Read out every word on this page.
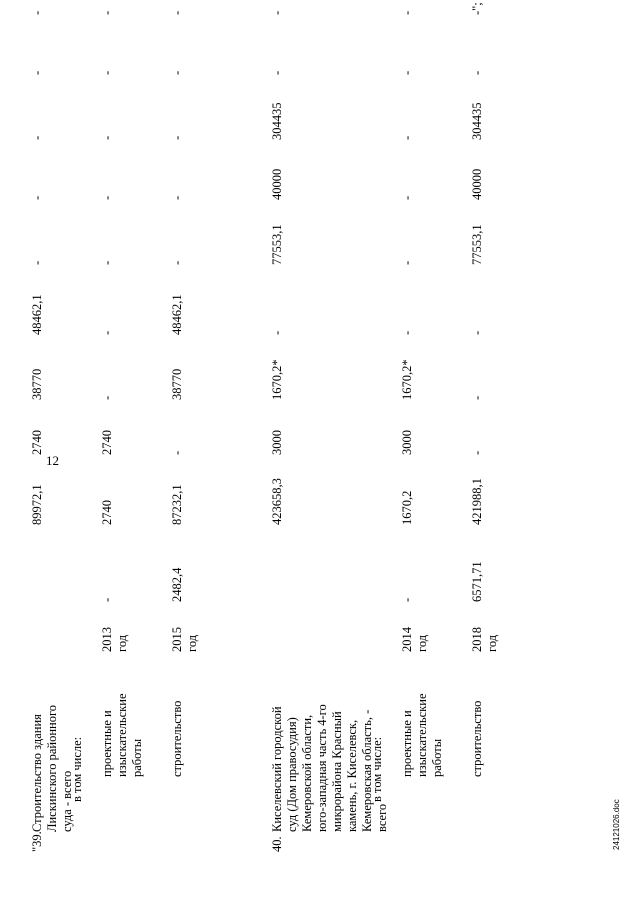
12
"39.
Строительство здания Лискинского районного суда - всего
89972,1
2740
38770
48462,1
-
-
-
-
-
в том числе: проектные и изыскательские работы
2013 год
-
2740
2740
-
-
-
-
-
-
-
строительство
2015 год
2482,4
87232,1
-
38770
48462,1
-
-
-
-
-
40.
Киселевский городской суд (Дом правосудия) Кемеровской области, юго-западная часть 4-го микрорайона Красный камень, г. Киселевск, Кемеровская область, - всего
423658,3
3000
1670,2*
-
77553,1
40000
304435
-
-
в том числе: проектные и изыскательские работы
2014 год
-
1670,2
3000
1670,2*
-
-
-
-
-
-
строительство
2018 год
6571,71
421988,1
-
-
-
77553,1
40000
304435
-
-";
24121026.doc
